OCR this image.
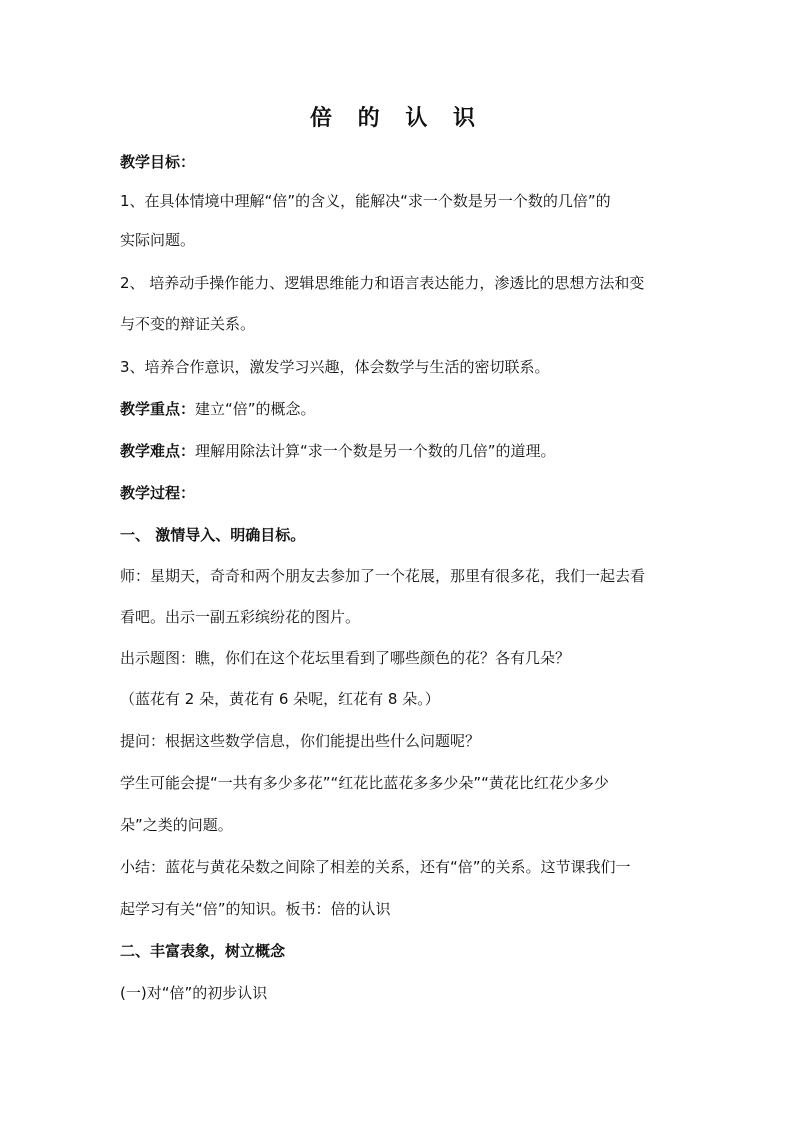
倍 的 认 识
教学目标：
1、在具体情境中理解“倍”的含义，能解决“求一个数是另一个数的几倍”的
实际问题。
2、 培养动手操作能力、逻辑思维能力和语言表达能力，渗透比的思想方法和变
与不变的辩证关系。
3、培养合作意识，激发学习兴趣，体会数学与生活的密切联系。
教学重点：建立“倍”的概念。
教学难点：理解用除法计算“求一个数是另一个数的几倍”的道理。
教学过程：
一、 激情导入、明确目标。
师：星期天，奇奇和两个朋友去参加了一个花展，那里有很多花，我们一起去看
看吧。出示一副五彩缤纷花的图片。
出示题图：瞧，你们在这个花坛里看到了哪些颜色的花？各有几朵？
（蓝花有 2 朵，黄花有 6 朵呢，红花有 8 朵。）
提问：根据这些数学信息，你们能提出些什么问题呢？
学生可能会提“一共有多少多花”“红花比蓝花多多少朵”“黄花比红花少多少
朵”之类的问题。
小结：蓝花与黄花朵数之间除了相差的关系，还有“倍”的关系。这节课我们一
起学习有关“倍”的知识。板书：倍的认识
二、丰富表象，树立概念
(一)对“倍”的初步认识
